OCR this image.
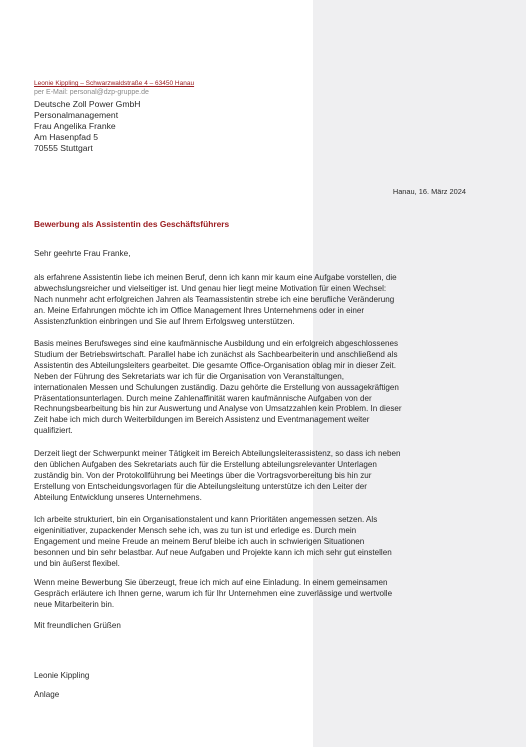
Leonie Kippling – Schwarzwaldstraße 4 – 63450 Hanau
per E-Mail: personal@dzp-gruppe.de
Deutsche Zoll Power GmbH
Personalmanagement
Frau Angelika Franke
Am Hasenpfad 5
70555 Stuttgart
Hanau, 16. März 2024
Bewerbung als Assistentin des Geschäftsführers
Sehr geehrte Frau Franke,
als erfahrene Assistentin liebe ich meinen Beruf, denn ich kann mir kaum eine Aufgabe vorstellen, die
abwechslungsreicher und vielseitiger ist. Und genau hier liegt meine Motivation für einen Wechsel:
Nach nunmehr acht erfolgreichen Jahren als Teamassistentin strebe ich eine berufliche Veränderung
an. Meine Erfahrungen möchte ich im Office Management Ihres Unternehmens oder in einer
Assistenzfunktion einbringen und Sie auf Ihrem Erfolgsweg unterstützen.
Basis meines Berufsweges sind eine kaufmännische Ausbildung und ein erfolgreich abgeschlossenes
Studium der Betriebswirtschaft. Parallel habe ich zunächst als Sachbearbeiterin und anschließend als
Assistentin des Abteilungsleiters gearbeitet. Die gesamte Office-Organisation oblag mir in dieser Zeit.
Neben der Führung des Sekretariats war ich für die Organisation von Veranstaltungen,
internationalen Messen und Schulungen zuständig. Dazu gehörte die Erstellung von aussagekräftigen
Präsentationsunterlagen. Durch meine Zahlenaffinität waren kaufmännische Aufgaben von der
Rechnungsbearbeitung bis hin zur Auswertung und Analyse von Umsatzzahlen kein Problem. In dieser
Zeit habe ich mich durch Weiterbildungen im Bereich Assistenz und Eventmanagement weiter
qualifiziert.
Derzeit liegt der Schwerpunkt meiner Tätigkeit im Bereich Abteilungsleiterassistenz, so dass ich neben
den üblichen Aufgaben des Sekretariats auch für die Erstellung abteilungsrelevanter Unterlagen
zuständig bin. Von der Protokollführung bei Meetings über die Vortragsvorbereitung bis hin zur
Erstellung von Entscheidungsvorlagen für die Abteilungsleitung unterstütze ich den Leiter der
Abteilung Entwicklung unseres Unternehmens.
Ich arbeite strukturiert, bin ein Organisationstalent und kann Prioritäten angemessen setzen. Als
eigeninitiativer, zupackender Mensch sehe ich, was zu tun ist und erledige es. Durch mein
Engagement und meine Freude an meinem Beruf bleibe ich auch in schwierigen Situationen
besonnen und bin sehr belastbar. Auf neue Aufgaben und Projekte kann ich mich sehr gut einstellen
und bin äußerst flexibel.
Wenn meine Bewerbung Sie überzeugt, freue ich mich auf eine Einladung. In einem gemeinsamen
Gespräch erläutere ich Ihnen gerne, warum ich für Ihr Unternehmen eine zuverlässige und wertvolle
neue Mitarbeiterin bin.
Mit freundlichen Grüßen
Leonie Kippling
Anlage
